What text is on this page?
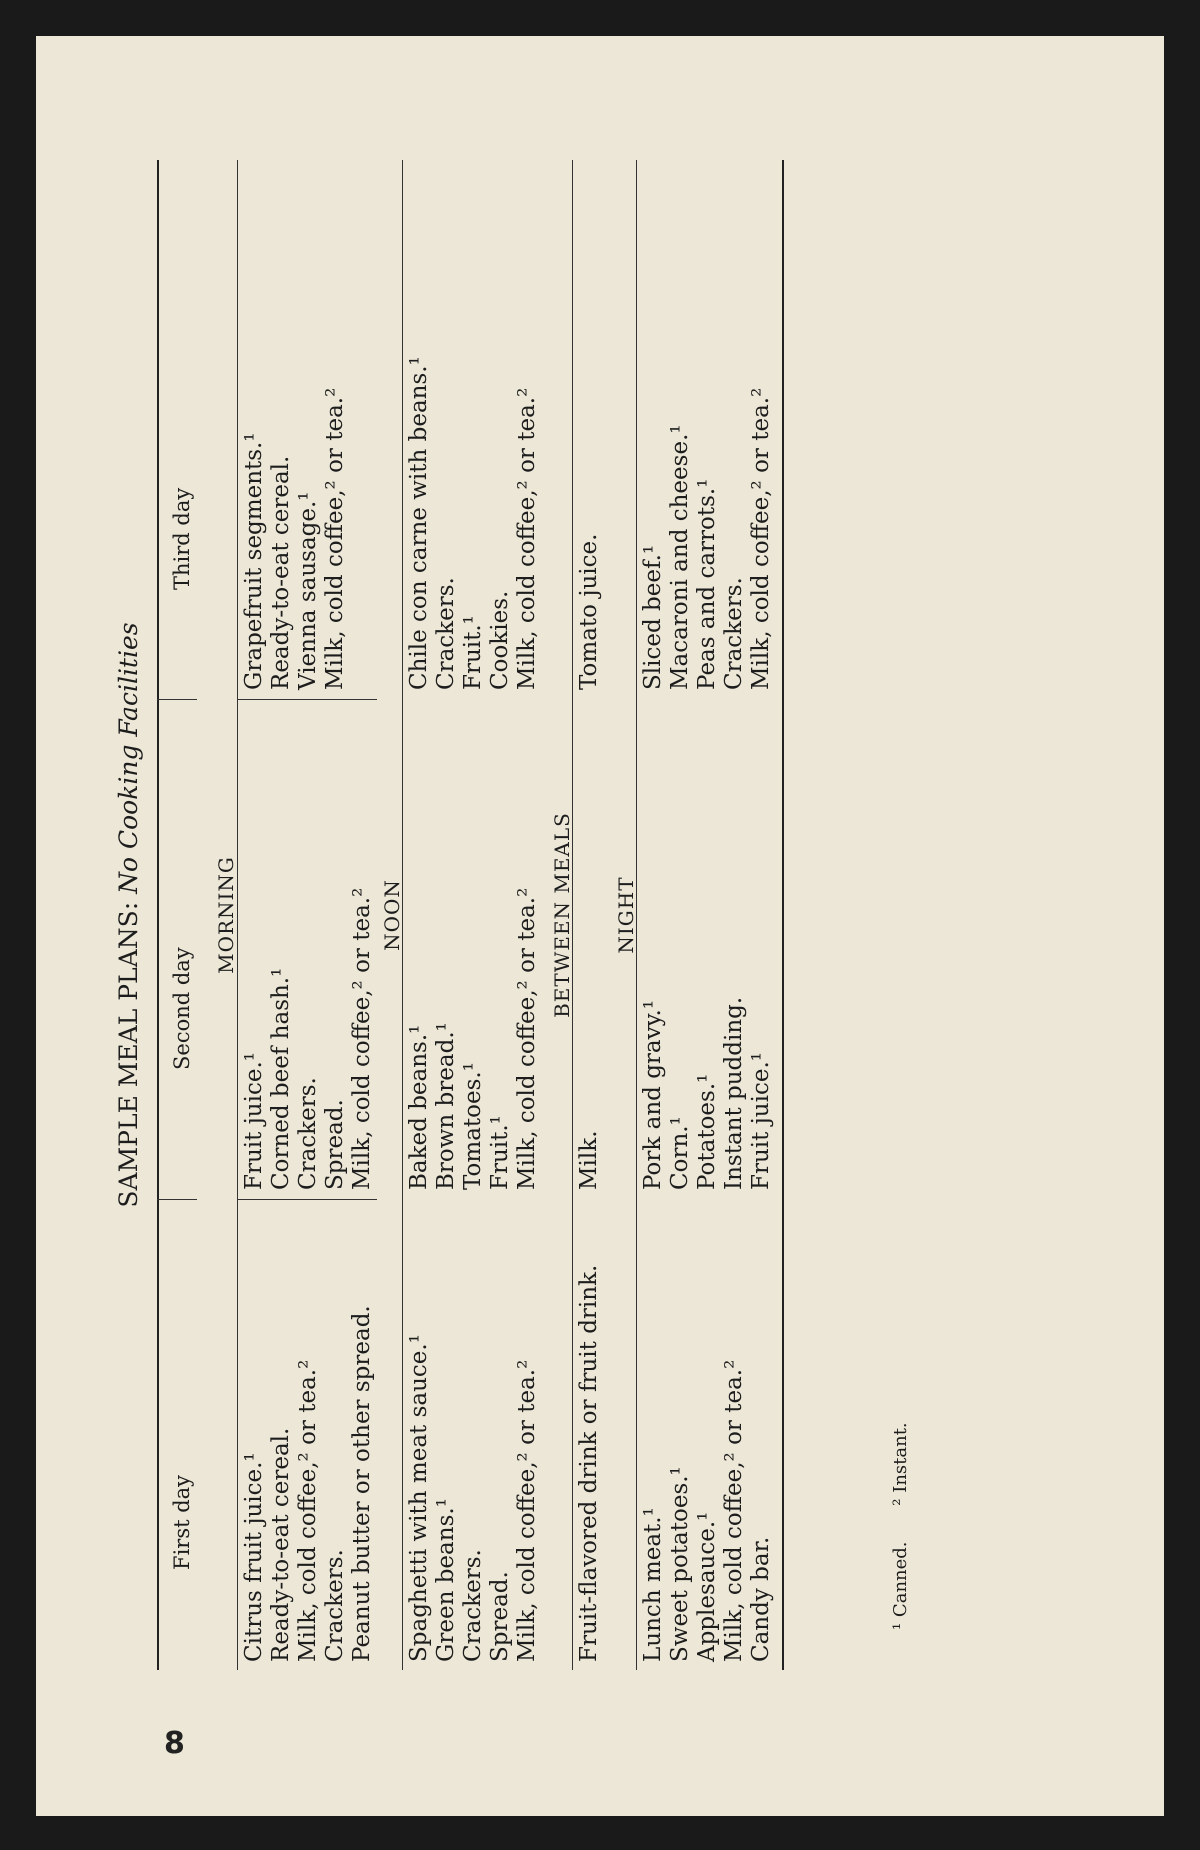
8
SAMPLE MEAL PLANS: No Cooking Facilities
First day
Second day
Third day
MORNING
Citrus fruit juice.¹ Ready-to-eat cereal. Milk, cold coffee,² or tea.² Crackers. Peanut butter or other spread.
Fruit juice.¹ Corned beef hash.¹ Crackers. Spread. Milk, cold coffee,² or tea.²
Grapefruit segments.¹ Ready-to-eat cereal. Vienna sausage.¹ Milk, cold coffee,² or tea.²
NOON
Spaghetti with meat sauce.¹ Green beans.¹ Crackers. Spread. Milk, cold coffee,² or tea.²
Baked beans.¹ Brown bread.¹ Tomatoes.¹ Fruit.¹ Milk, cold coffee,² or tea.²
Chile con carne with beans.¹ Crackers. Fruit.¹ Cookies. Milk, cold coffee,² or tea.²
BETWEEN MEALS
Fruit-flavored drink or fruit drink.
Milk.
Tomato juice.
NIGHT
Lunch meat.¹ Sweet potatoes.¹ Applesauce.¹ Milk, cold coffee,² or tea.² Candy bar.
Pork and gravy.¹ Corn.¹ Potatoes.¹ Instant pudding. Fruit juice.¹
Sliced beef.¹ Macaroni and cheese.¹ Peas and carrots.¹ Crackers. Milk, cold coffee,² or tea.²
¹ Canned. ² Instant.
